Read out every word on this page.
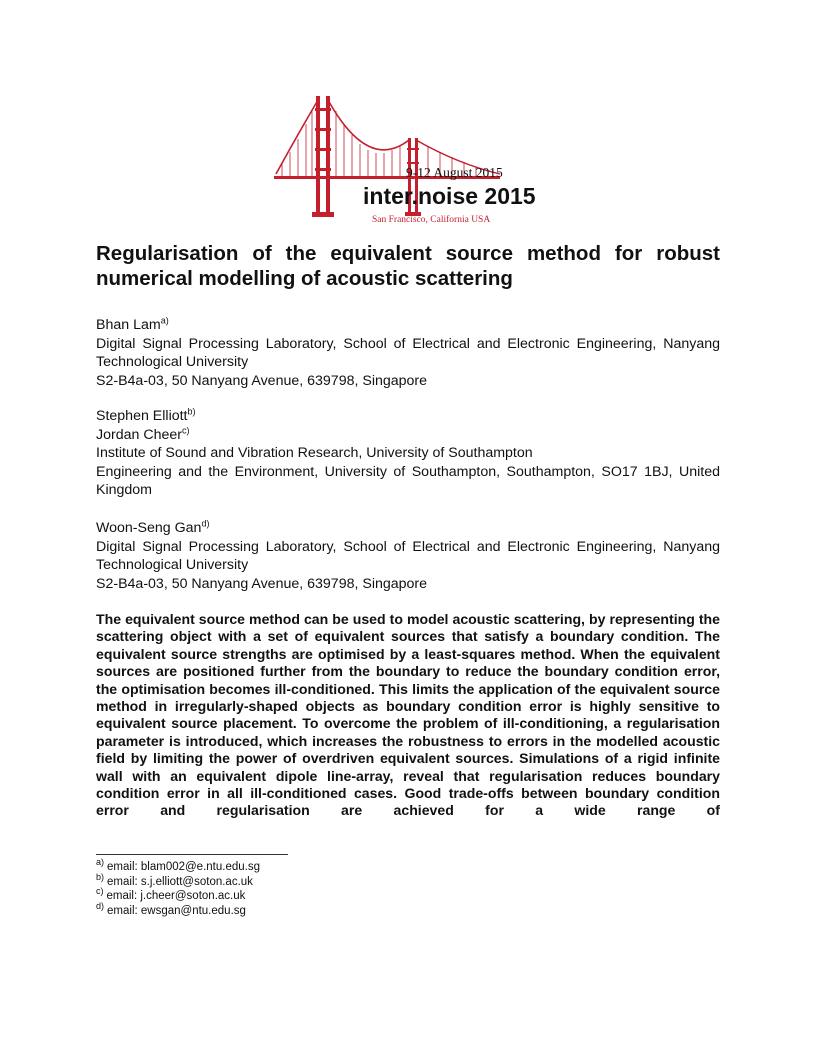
9-12 August 2015
inter.noise 2015
San Francisco, California USA
Regularisation of the equivalent source method for robust numerical modelling of acoustic scattering

Bhan Lam$^{a)}$

Digital Signal Processing Laboratory, School of Electrical and Electronic Engineering, Nanyang Technological University

S2-B4a-03, 50 Nanyang Avenue, 639798, Singapore

Stephen Elliott$^{b)}$

Jordan Cheer$^{c)}$

Institute of Sound and Vibration Research, University of Southampton

Engineering and the Environment, University of Southampton, Southampton, SO17 1BJ, United Kingdom

Woon-Seng Gan$^{d)}$

Digital Signal Processing Laboratory, School of Electrical and Electronic Engineering, Nanyang Technological University

S2-B4a-03, 50 Nanyang Avenue, 639798, Singapore

The equivalent source method can be used to model acoustic scattering, by representing the scattering object with a set of equivalent sources that satisfy a boundary condition. The equivalent source strengths are optimised by a least-squares method. When the equivalent sources are positioned further from the boundary to reduce the boundary condition error, the optimisation becomes ill-conditioned. This limits the application of the equivalent source method in irregularly-shaped objects as boundary condition error is highly sensitive to equivalent source placement. To overcome the problem of ill-conditioning, a regularisation parameter is introduced, which increases the robustness to errors in the modelled acoustic field by limiting the power of overdriven equivalent sources. Simulations of a rigid infinite wall with an equivalent dipole line-array, reveal that regularisation reduces boundary condition error in all ill-conditioned cases. Good trade-offs between boundary condition error and regularisation are achieved for a wide range of

$^{a)}$ email: blam002@e.ntu.edu.sg

$^{b)}$ email: s.j.elliott@soton.ac.uk

$^{c)}$ email: j.cheer@soton.ac.uk

$^{d)}$ email: ewsgan@ntu.edu.sg
